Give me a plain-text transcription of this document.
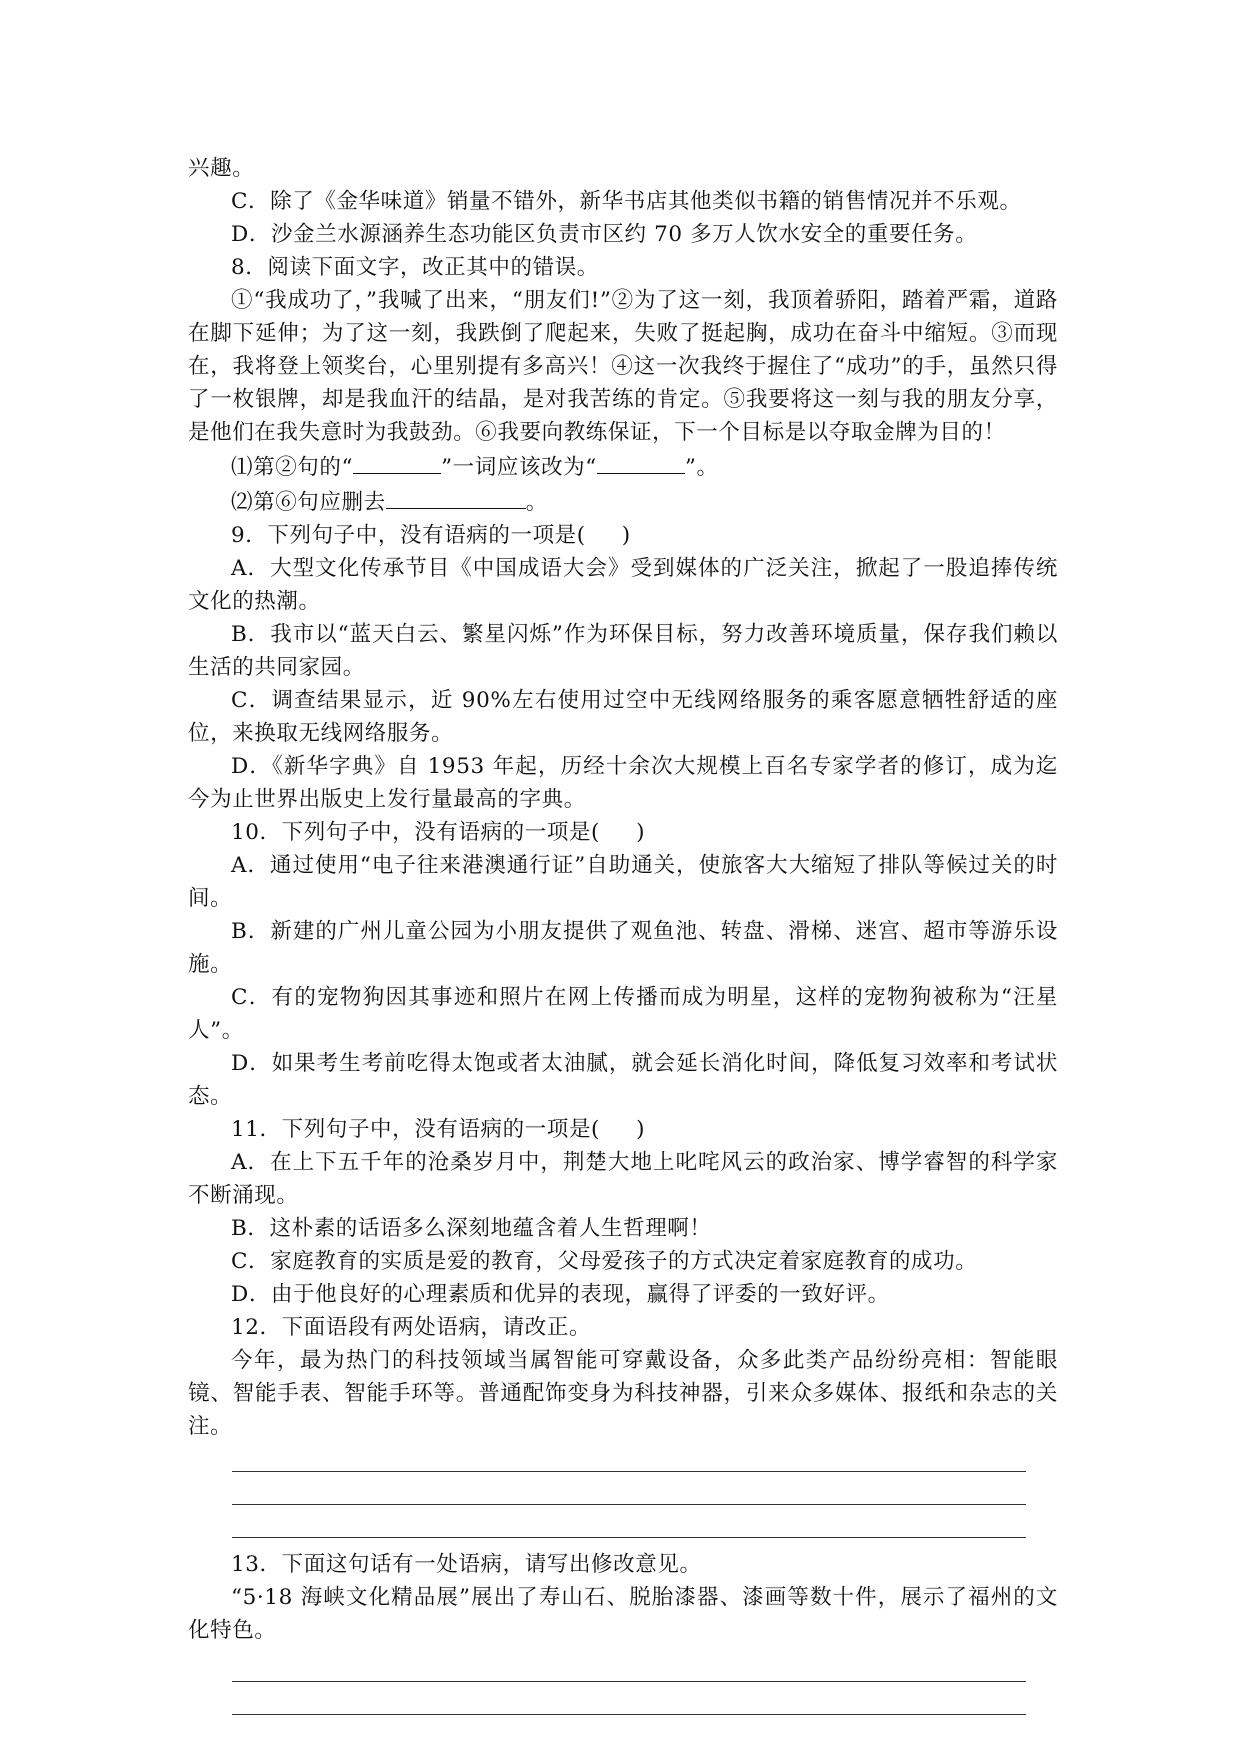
兴趣。

C．除了《金华味道》销量不错外，新华书店其他类似书籍的销售情况并不乐观。

D．沙金兰水源涵养生态功能区负责市区约 70 多万人饮水安全的重要任务。

8．阅读下面文字，改正其中的错误。

①“我成功了，”我喊了出来，“朋友们!”②为了这一刻，我顶着骄阳，踏着严霜，道路在脚下延伸；为了这一刻，我跌倒了爬起来，失败了挺起胸，成功在奋斗中缩短。③而现在，我将登上领奖台，心里别提有多高兴！④这一次我终于握住了“成功”的手，虽然只得了一枚银牌，却是我血汗的结晶，是对我苦练的肯定。⑤我要将这一刻与我的朋友分享，是他们在我失意时为我鼓劲。⑥我要向教练保证，下一个目标是以夺取金牌为目的！

⑴第②句的“	”一词应该改为“	”。

⑵第⑥句应删去	。

9．下列句子中，没有语病的一项是( )

A．大型文化传承节目《中国成语大会》受到媒体的广泛关注，掀起了一股追捧传统文化的热潮。

B．我市以“蓝天白云、繁星闪烁”作为环保目标，努力改善环境质量，保存我们赖以生活的共同家园。

C．调查结果显示，近 90%左右使用过空中无线网络服务的乘客愿意牺牲舒适的座位，来换取无线网络服务。

D．《新华字典》自 1953 年起，历经十余次大规模上百名专家学者的修订，成为迄今为止世界出版史上发行量最高的字典。

10．下列句子中，没有语病的一项是( )

A．通过使用“电子往来港澳通行证”自助通关，使旅客大大缩短了排队等候过关的时间。

B．新建的广州儿童公园为小朋友提供了观鱼池、转盘、滑梯、迷宫、超市等游乐设施。

C．有的宠物狗因其事迹和照片在网上传播而成为明星，这样的宠物狗被称为“汪星人”。

D．如果考生考前吃得太饱或者太油腻，就会延长消化时间，降低复习效率和考试状态。

11．下列句子中，没有语病的一项是( )

A．在上下五千年的沧桑岁月中，荆楚大地上叱咤风云的政治家、博学睿智的科学家不断涌现。

B．这朴素的话语多么深刻地蕴含着人生哲理啊！

C．家庭教育的实质是爱的教育，父母爱孩子的方式决定着家庭教育的成功。

D．由于他良好的心理素质和优异的表现，赢得了评委的一致好评。

12．下面语段有两处语病，请改正。

今年，最为热门的科技领域当属智能可穿戴设备，众多此类产品纷纷亮相：智能眼镜、智能手表、智能手环等。普通配饰变身为科技神器，引来众多媒体、报纸和杂志的关注。

13．下面这句话有一处语病，请写出修改意见。

“5·18 海峡文化精品展”展出了寿山石、脱胎漆器、漆画等数十件，展示了福州的文化特色。
